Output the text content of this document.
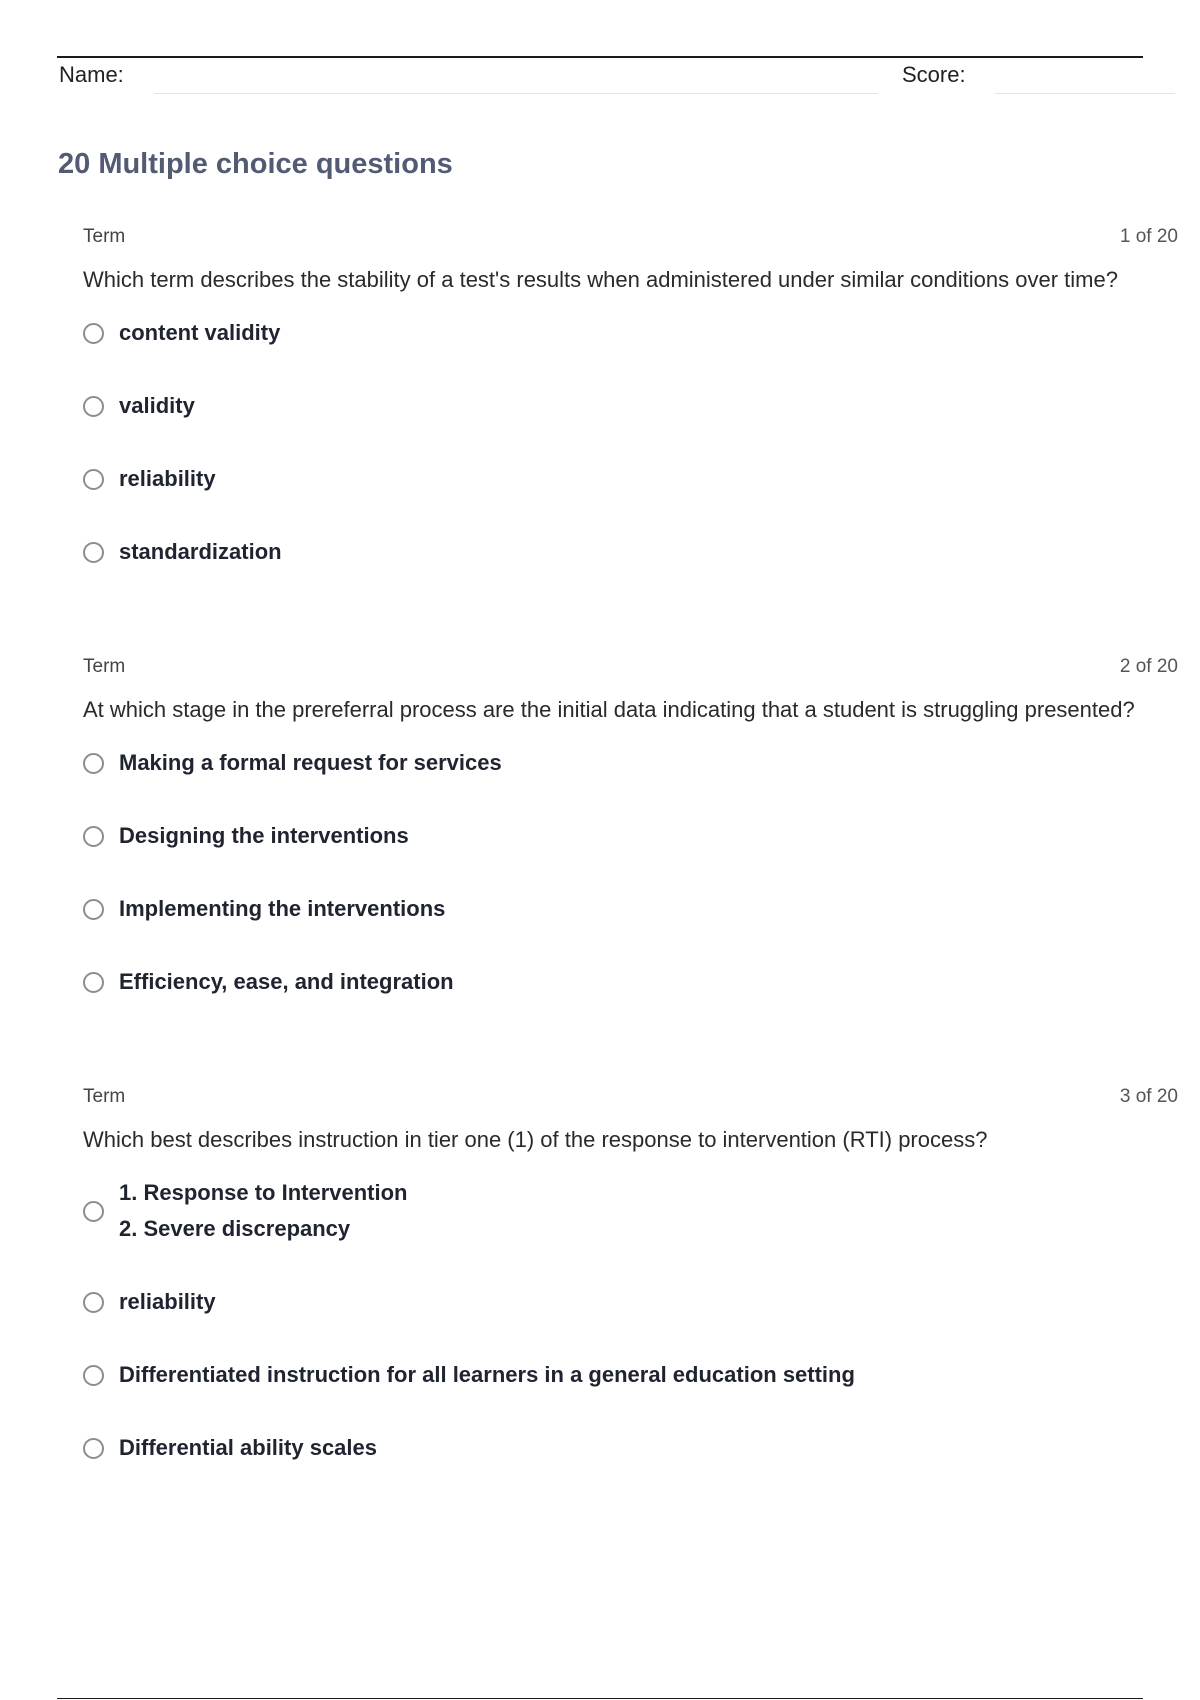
Name:	Score:
20 Multiple choice questions
Term	1 of 20
Which term describes the stability of a test's results when administered under similar conditions over time?
content validity
validity
reliability
standardization
Term	2 of 20
At which stage in the prereferral process are the initial data indicating that a student is struggling presented?
Making a formal request for services
Designing the interventions
Implementing the interventions
Efficiency, ease, and integration
Term	3 of 20
Which best describes instruction in tier one (1) of the response to intervention (RTI) process?
1. Response to Intervention
2. Severe discrepancy
reliability
Differentiated instruction for all learners in a general education setting
Differential ability scales
